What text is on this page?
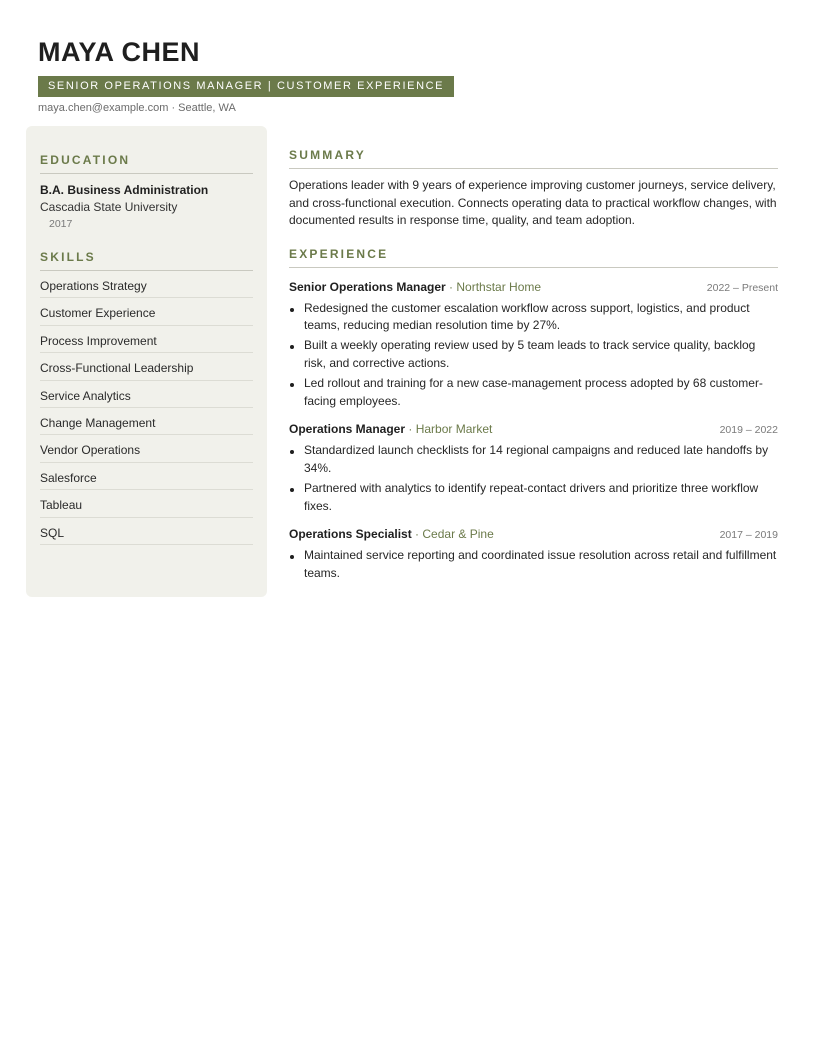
MAYA CHEN
SENIOR OPERATIONS MANAGER | CUSTOMER EXPERIENCE
maya.chen@example.com · Seattle, WA
EDUCATION
B.A. Business Administration
Cascadia State University
2017
SKILLS
Operations Strategy
Customer Experience
Process Improvement
Cross-Functional Leadership
Service Analytics
Change Management
Vendor Operations
Salesforce
Tableau
SQL
SUMMARY

Operations leader with 9 years of experience improving customer journeys, service delivery, and cross-functional execution. Connects operating data to practical workflow changes, with documented results in response time, quality, and team adoption.

EXPERIENCE
Senior Operations Manager · Northstar Home	2022 – Present
Redesigned the customer escalation workflow across support, logistics, and product teams, reducing median resolution time by 27%.
Built a weekly operating review used by 5 team leads to track service quality, backlog risk, and corrective actions.
Led rollout and training for a new case-management process adopted by 68 customer-facing employees.
Operations Manager · Harbor Market	2019 – 2022
Standardized launch checklists for 14 regional campaigns and reduced late handoffs by 34%.
Partnered with analytics to identify repeat-contact drivers and prioritize three workflow fixes.
Operations Specialist · Cedar & Pine	2017 – 2019
Maintained service reporting and coordinated issue resolution across retail and fulfillment teams.
